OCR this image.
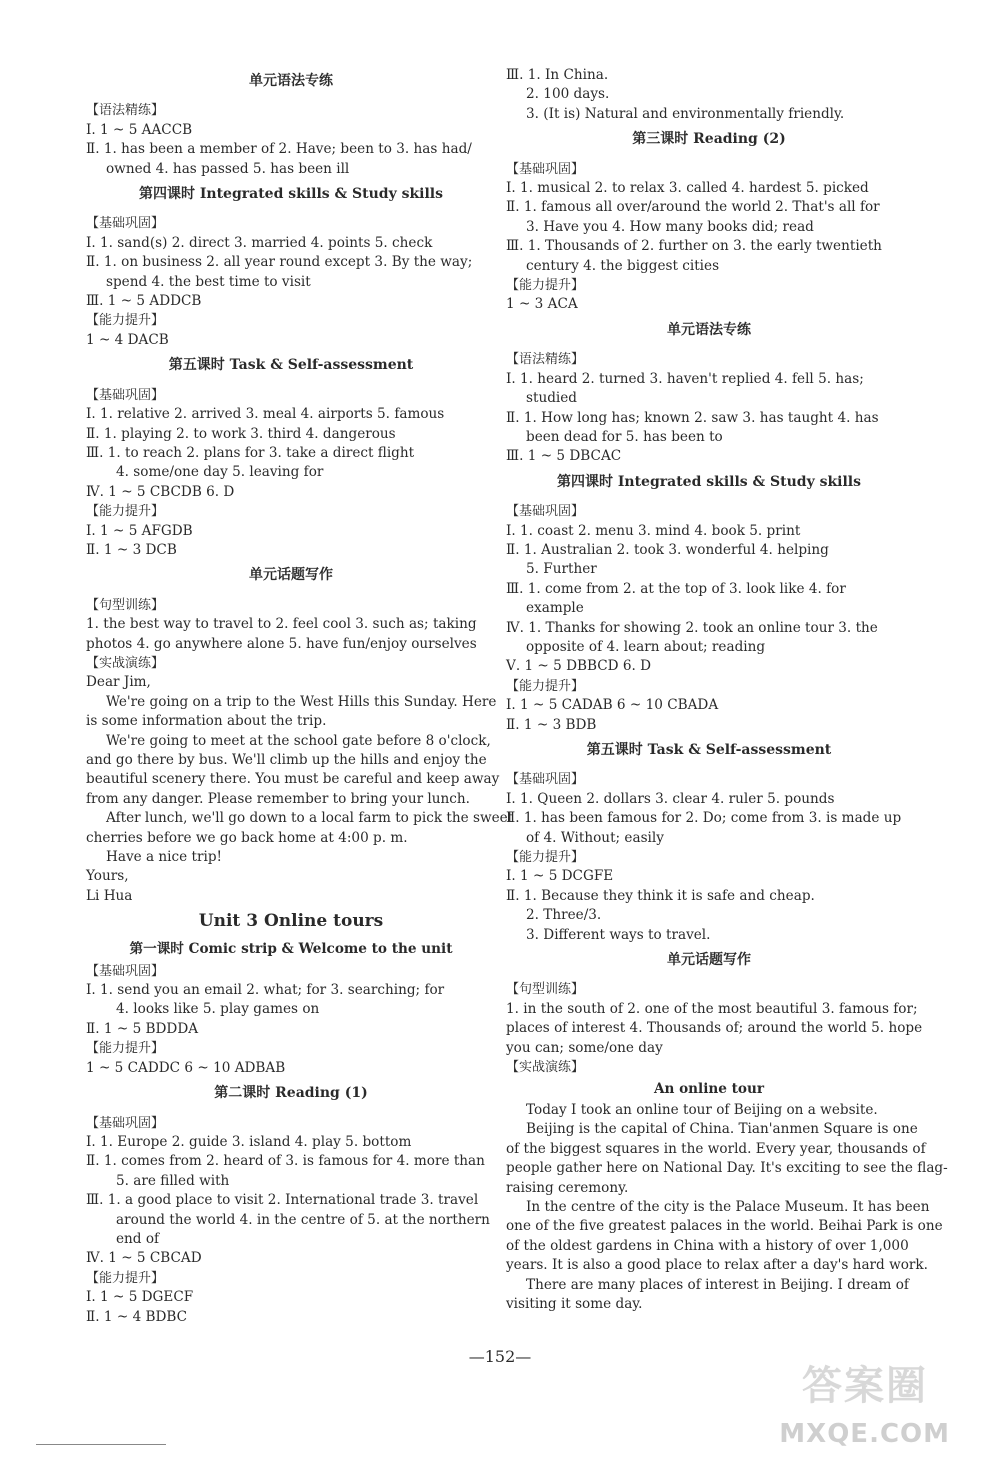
单元语法专练
【语法精练】
Ⅰ. 1 ~ 5 AACCB
Ⅱ. 1. has been a member of 2. Have; been to 3. has had/
owned 4. has passed 5. has been ill
第四课时 Integrated skills & Study skills
【基础巩固】
Ⅰ. 1. sand(s) 2. direct 3. married 4. points 5. check
Ⅱ. 1. on business 2. all year round except 3. By the way;
spend 4. the best time to visit
Ⅲ. 1 ~ 5 ADDCB
【能力提升】
1 ~ 4 DACB
第五课时 Task & Self-assessment
【基础巩固】
Ⅰ. 1. relative 2. arrived 3. meal 4. airports 5. famous
Ⅱ. 1. playing 2. to work 3. third 4. dangerous
Ⅲ. 1. to reach 2. plans for 3. take a direct flight
4. some/one day 5. leaving for
Ⅳ. 1 ~ 5 CBCDB 6. D
【能力提升】
Ⅰ. 1 ~ 5 AFGDB
Ⅱ. 1 ~ 3 DCB
单元话题写作
【句型训练】
1. the best way to travel to 2. feel cool 3. such as; taking
photos 4. go anywhere alone 5. have fun/enjoy ourselves
【实战演练】
Dear Jim,
We're going on a trip to the West Hills this Sunday. Here
is some information about the trip.
We're going to meet at the school gate before 8 o'clock,
and go there by bus. We'll climb up the hills and enjoy the
beautiful scenery there. You must be careful and keep away
from any danger. Please remember to bring your lunch.
After lunch, we'll go down to a local farm to pick the sweet
cherries before we go back home at 4:00 p. m.
Have a nice trip!
Yours,
Li Hua
Unit 3 Online tours
第一课时 Comic strip & Welcome to the unit
【基础巩固】
Ⅰ. 1. send you an email 2. what; for 3. searching; for
4. looks like 5. play games on
Ⅱ. 1 ~ 5 BDDDA
【能力提升】
1 ~ 5 CADDC 6 ~ 10 ADBAB
第二课时 Reading (1)
【基础巩固】
Ⅰ. 1. Europe 2. guide 3. island 4. play 5. bottom
Ⅱ. 1. comes from 2. heard of 3. is famous for 4. more than
5. are filled with
Ⅲ. 1. a good place to visit 2. International trade 3. travel
around the world 4. in the centre of 5. at the northern
end of
Ⅳ. 1 ~ 5 CBCAD
【能力提升】
Ⅰ. 1 ~ 5 DGECF
Ⅱ. 1 ~ 4 BDBC
Ⅲ. 1. In China.
2. 100 days.
3. (It is) Natural and environmentally friendly.
第三课时 Reading (2)
【基础巩固】
Ⅰ. 1. musical 2. to relax 3. called 4. hardest 5. picked
Ⅱ. 1. famous all over/around the world 2. That's all for
3. Have you 4. How many books did; read
Ⅲ. 1. Thousands of 2. further on 3. the early twentieth
century 4. the biggest cities
【能力提升】
1 ~ 3 ACA
单元语法专练
【语法精练】
Ⅰ. 1. heard 2. turned 3. haven't replied 4. fell 5. has;
studied
Ⅱ. 1. How long has; known 2. saw 3. has taught 4. has
been dead for 5. has been to
Ⅲ. 1 ~ 5 DBCAC
第四课时 Integrated skills & Study skills
【基础巩固】
Ⅰ. 1. coast 2. menu 3. mind 4. book 5. print
Ⅱ. 1. Australian 2. took 3. wonderful 4. helping
5. Further
Ⅲ. 1. come from 2. at the top of 3. look like 4. for
example
Ⅳ. 1. Thanks for showing 2. took an online tour 3. the
opposite of 4. learn about; reading
Ⅴ. 1 ~ 5 DBBCD 6. D
【能力提升】
Ⅰ. 1 ~ 5 CADAB 6 ~ 10 CBADA
Ⅱ. 1 ~ 3 BDB
第五课时 Task & Self-assessment
【基础巩固】
Ⅰ. 1. Queen 2. dollars 3. clear 4. ruler 5. pounds
Ⅱ. 1. has been famous for 2. Do; come from 3. is made up
of 4. Without; easily
【能力提升】
Ⅰ. 1 ~ 5 DCGFE
Ⅱ. 1. Because they think it is safe and cheap.
2. Three/3.
3. Different ways to travel.
单元话题写作
【句型训练】
1. in the south of 2. one of the most beautiful 3. famous for;
places of interest 4. Thousands of; around the world 5. hope
you can; some/one day
【实战演练】
An online tour
Today I took an online tour of Beijing on a website.
Beijing is the capital of China. Tian'anmen Square is one
of the biggest squares in the world. Every year, thousands of
people gather here on National Day. It's exciting to see the flag-
raising ceremony.
In the centre of the city is the Palace Museum. It has been
one of the five greatest palaces in the world. Beihai Park is one
of the oldest gardens in China with a history of over 1,000
years. It is also a good place to relax after a day's hard work.
There are many places of interest in Beijing. I dream of
visiting it some day.
—152—
答案圈
MXQE.COM
